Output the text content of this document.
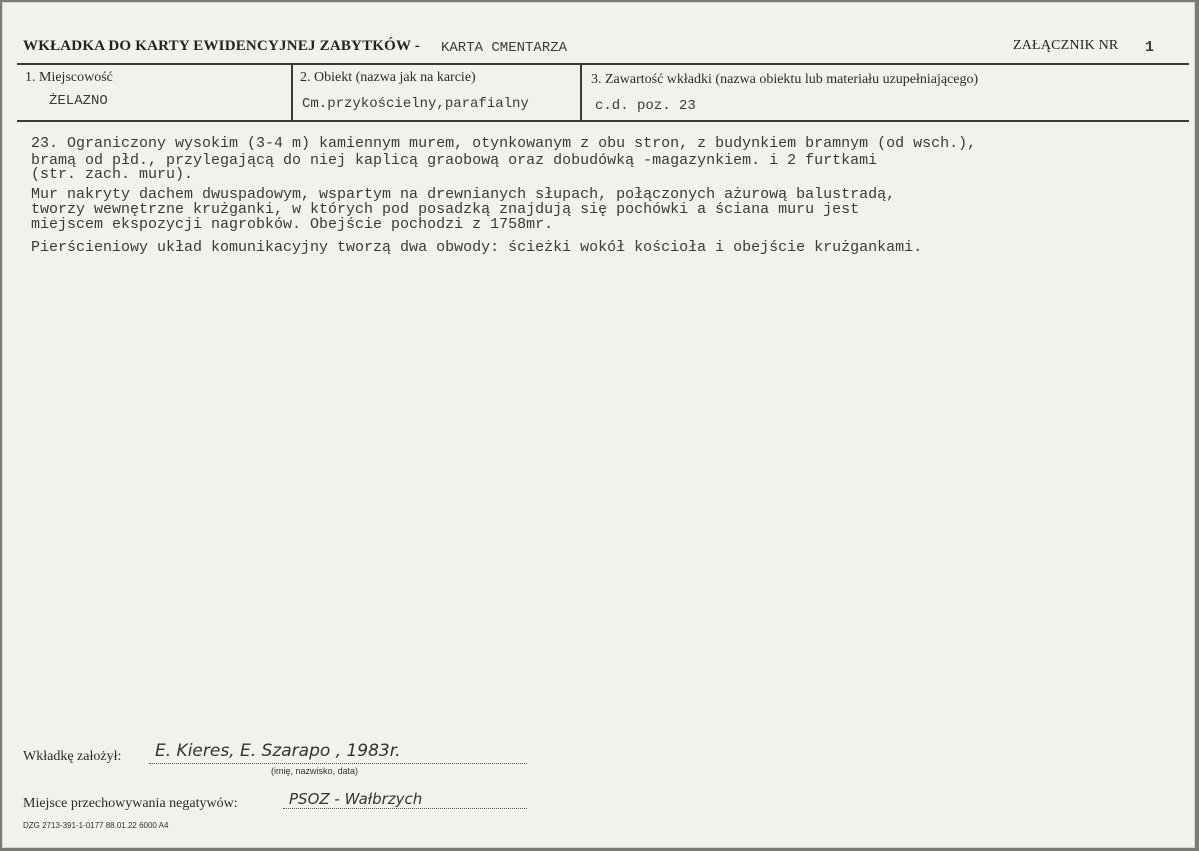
WKŁADKA DO KARTY EWIDENCYJNEJ ZABYTKÓW - KARTA CMENTARZA	ZAŁĄCZNIK NR 1
1. Miejscowość	2. Obiekt (nazwa jak na karcie)	3. Zawartość wkładki (nazwa obiektu lub materiału uzupełniającego)
ŻELAZNO	Cm.przykościelny,parafialny	c.d. poz. 23
23. Ograniczony wysokim (3-4 m) kamiennym murem, otynkowanym z obu stron, z budynkiem bramnym (od wsch.),
bramą od płd., przylegającą do niej kaplicą graobową oraz dobudówką -magazynkiem. i 2 furtkami
(str. zach. muru).
Mur nakryty dachem dwuspadowym, wspartym na drewnianych słupach, połączonych ażurową balustradą,
tworzy wewnętrzne krużganki, w których pod posadzką znajdują się pochówki a ściana muru jest
miejscem ekspozycji nagrobków. Obejście pochodzi z 1758mr.
Pierścieniowy układ komunikacyjny tworzą dwa obwody: ścieżki wokół kościoła i obejście krużgankami.
Wkładkę założył: E. Kieres, E. Szarapo , 1983r.
(imię, nazwisko, data)
Miejsce przechowywania negatywów:	PSOZ - Wałbrzych
DZG 2713-391-1-0177 88.01.22 6000 A4
